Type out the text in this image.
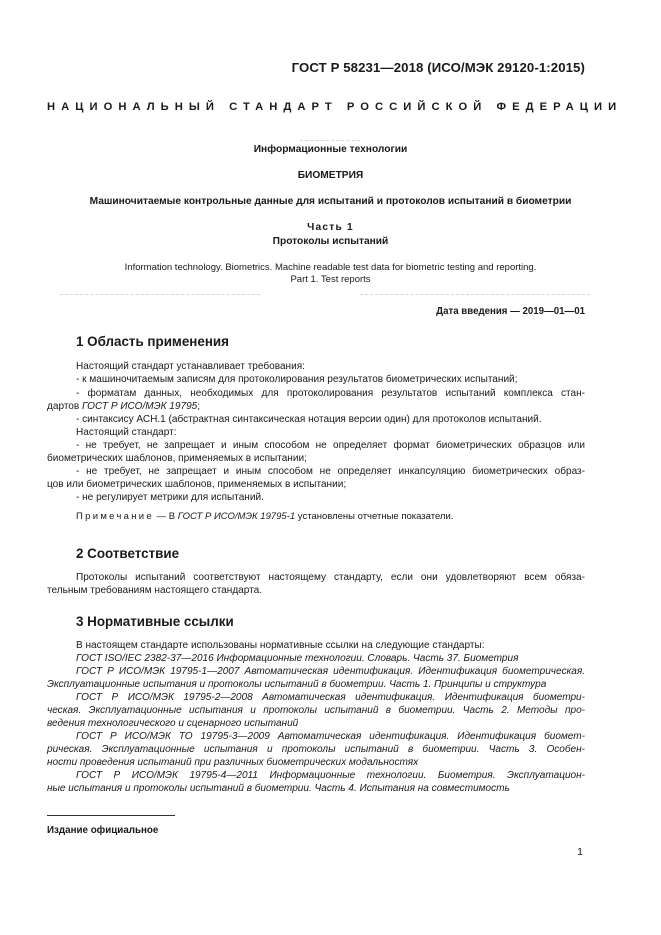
ГОСТ Р 58231—2018 (ИСО/МЭК 29120-1:2015)
НАЦИОНАЛЬНЫЙ СТАНДАРТ РОССИЙСКОЙ ФЕДЕРАЦИИ
Информационные технологии
БИОМЕТРИЯ
Машиночитаемые контрольные данные для испытаний и протоколов испытаний в биометрии
Часть 1
Протоколы испытаний
Information technology. Biometrics. Machine readable test data for biometric testing and reporting.
Part 1. Test reports
Дата введения — 2019—01—01
1 Область применения
Настоящий стандарт устанавливает требования:
- к машиночитаемым записям для протоколирования результатов биометрических испытаний;
- форматам данных, необходимых для протоколирования результатов испытаний комплекса стан-
дартов ГОСТ Р ИСО/МЭК 19795;
- синтаксису АСН.1 (абстрактная синтаксическая нотация версии один) для протоколов испытаний.
Настоящий стандарт:
- не требует, не запрещает и иным способом не определяет формат биометрических образцов или
биометрических шаблонов, применяемых в испытании;
- не требует, не запрещает и иным способом не определяет инкапсуляцию биометрических образ-
цов или биометрических шаблонов, применяемых в испытании;
- не регулирует метрики для испытаний.
Примечание — В ГОСТ Р ИСО/МЭК 19795-1 установлены отчетные показатели.
2 Соответствие
Протоколы испытаний соответствуют настоящему стандарту, если они удовлетворяют всем обяза-
тельным требованиям настоящего стандарта.
3 Нормативные ссылки
В настоящем стандарте использованы нормативные ссылки на следующие стандарты:
ГОСТ ISO/IEC 2382-37—2016 Информационные технологии. Словарь. Часть 37. Биометрия
ГОСТ Р ИСО/МЭК 19795-1—2007 Автоматическая идентификация. Идентификация биометрическая.
Эксплуатационные испытания и протоколы испытаний в биометрии. Часть 1. Принципы и структура
ГОСТ Р ИСО/МЭК 19795-2—2008 Автоматическая идентификация. Идентификация биометри-
ческая. Эксплуатационные испытания и протоколы испытаний в биометрии. Часть 2. Методы про-
ведения технологического и сценарного испытаний
ГОСТ Р ИСО/МЭК ТО 19795-3—2009 Автоматическая идентификация. Идентификация биомет-
рическая. Эксплуатационные испытания и протоколы испытаний в биометрии. Часть 3. Особен-
ности проведения испытаний при различных биометрических модальностях
ГОСТ Р ИСО/МЭК 19795-4—2011 Информационные технологии. Биометрия. Эксплуатацион-
ные испытания и протоколы испытаний в биометрии. Часть 4. Испытания на совместимость
Издание официальное
1
